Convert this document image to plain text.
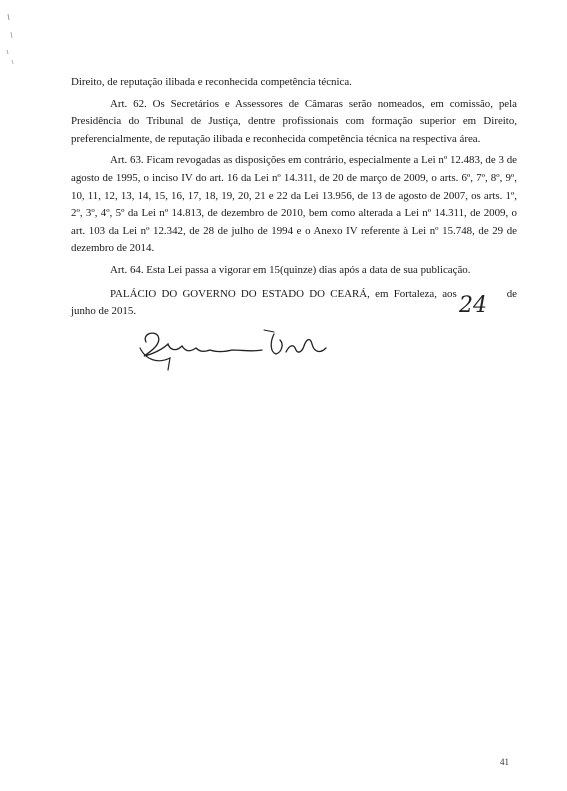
Direito, de reputação ilibada e reconhecida competência técnica.

Art. 62. Os Secretários e Assessores de Câmaras serão nomeados, em comissão, pela Presidência do Tribunal de Justiça, dentre profissionais com formação superior em Direito, preferencialmente, de reputação ilibada e reconhecida competência técnica na respectiva área.

Art. 63. Ficam revogadas as disposições em contrário, especialmente a Lei nº 12.483, de 3 de agosto de 1995, o inciso IV do art. 16 da Lei nº 14.311, de 20 de março de 2009, o arts. 6º, 7º, 8º, 9º, 10, 11, 12, 13, 14, 15, 16, 17, 18, 19, 20, 21 e 22 da Lei 13.956, de 13 de agosto de 2007, os arts. 1º, 2º, 3º, 4º, 5º da Lei nº 14.813, de dezembro de 2010, bem como alterada a Lei nº 14.311, de 2009, o art. 103 da Lei nº 12.342, de 28 de julho de 1994 e o Anexo IV referente à Lei nº 15.748, de 29 de dezembro de 2014.

Art. 64. Esta Lei passa a vigorar em 15(quinze) dias após a data de sua publicação.

PALÁCIO DO GOVERNO DO ESTADO DO CEARÁ, em Fortaleza, aos	de junho de 2015.	24
41
